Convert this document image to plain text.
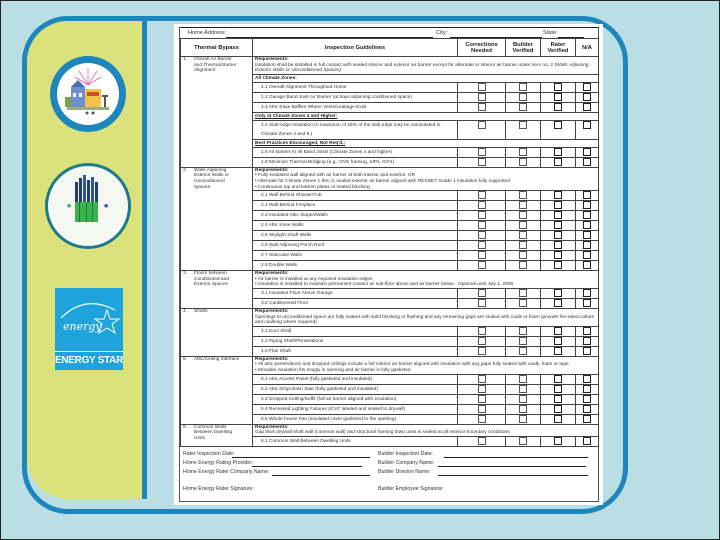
★	★
energy
ENERGY STAR
Home Address:	City:	State:
Thermal Bypass	Inspection Guidelines	Corrections Needed	Builder Verified	Rater Verified	N/A
1. Overall Air Barrier and Thermal Barrier Alignment	Requirements:
Insulation shall be installed in full contact with sealed interior and exterior air barrier except for alternate to interior air barrier under item no. 2 (Walls Adjoining Exterior Walls or Unconditioned Spaces)				

	All Climate Zones:				
	1.1 Overall Alignment Throughout Home				
	1.2 Garage Band Joist Air Barrier (at bays adjoining conditioned space)				
	1.3 Attic Eave Baffles Where Vents/Leakage Exist				
	Only at Climate Zones 4 and Higher:				
	1.4 Slab-edge Insulation (A maximum of 25% of the slab edge may be uninsulated in Climate Zones 4 and 5.)				
	Best Practices Encouraged, Not Req'd.:				
	1.5 Air Barrier At All Band Joists (Climate Zones 4 and higher)				
	1.6 Minimize Thermal Bridging (e.g., OVE framing, SIPs, ICFs)				
2. Walls Adjoining Exterior Walls or Unconditioned Spaces	Requirements:
• Fully insulated wall aligned with air barrier at both interior and exterior, OR
• Alternate for Climate Zones 1 thru 3, sealed exterior air barrier aligned with RESNET Grade 1 insulation fully supported
• Continuous top and bottom plates or sealed blocking				

	2.1 Wall Behind Shower/Tub				
	2.2 Wall Behind Fireplace				
	2.3 Insulated Attic Slopes/Walls				
	2.4 Attic Knee Walls				
	2.5 Skylight Shaft Walls				
	2.6 Wall Adjoining Porch Roof				
	2.7 Staircase Walls				
	2.8 Double Walls				
3. Floors between Conditioned and Exterior Spaces	Requirements:
• Air barrier is installed at any exposed insulation edges
• Insulation is installed to maintain permanent contact w/ sub-floor above and air barrier below - Optional until July 1, 2008				

	3.1 Insulated Floor Above Garage				
	3.2 Cantilevered Floor				
4. Shafts	Requirements:
Openings to unconditioned space are fully sealed with solid blocking or flashing and any remaining gaps are sealed with caulk or foam (provide fire-rated collars and caulking where required)				

	4.1 Duct Shaft				
	4.2 Piping Shaft/Penetrations				
	4.3 Flue Shaft				
5. Attic/Ceiling Interface	Requirements:
• All attic penetrations and dropped ceilings include a full interior air barrier aligned with insulation with any gaps fully sealed with caulk, foam or tape
• Movable insulation fits snugly in opening and air barrier is fully gasketed				

	5.1 Attic Access Panel (fully gasketed and insulated)				
	5.2 Attic Drop-down Stair (fully gasketed and insulated)				
	5.3 Dropped Ceiling/Soffit (full air barrier aligned with insulation)				
	5.4 Recessed Lighting Fixtures (ICAT labeled and sealed to drywall)				
	5.5 Whole-house Fan (insulated cover gasketed to the opening)				
6. Common Walls Between Dwelling Units	Requirements:
Gap btwn drywall shaft wall (common wall) and structural framing btwn units is sealed at all exterior boundary conditions				

	6.1 Common Wall Between Dwelling Units				
Rater Inspection Date:
Home Energy Rating Provider:
Home Energy Rater Company Name:
Home Energy Rater Signature:
Builder Inspection Date:
Builder Company Name:
Builder Division Name:
Builder Employee Signature:
